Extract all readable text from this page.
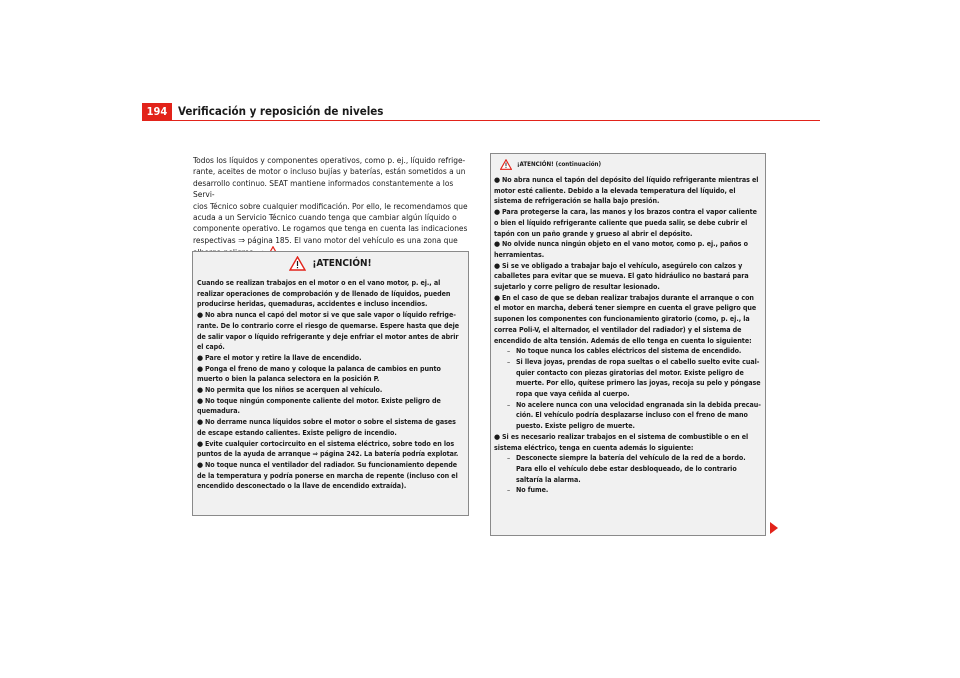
194 Verificación y reposición de niveles

Todos los líquidos y componentes operativos, como p. ej., líquido refrige-
rante, aceites de motor o incluso bujías y baterías, están sometidos a un
desarrollo continuo. SEAT mantiene informados constantemente a los Servi-
cios Técnico sobre cualquier modificación. Por ello, le recomendamos que
acuda a un Servicio Técnico cuando tenga que cambiar algún líquido o
componente operativo. Le rogamos que tenga en cuenta las indicaciones
respectivas ⇒ página 185. El vano motor del vehículo es una zona que

¡ATENCIÓN!

Cuando se realizan trabajos en el motor o en el vano motor, p. ej., al realizar operaciones de comprobación y de llenado de líquidos, pueden producirse heridas, quemaduras, accidentes e incluso incendios.

● No abra nunca el capó del motor si ve que sale vapor o líquido refrige-rante. De lo contrario corre el riesgo de quemarse. Espere hasta que deje de salir vapor o líquido refrigerante y deje enfriar el motor antes de abrir el capó.

● Pare el motor y retire la llave de encendido.

● Ponga el freno de mano y coloque la palanca de cambios en punto muerto o bien la palanca selectora en la posición P.

● No permita que los niños se acerquen al vehículo.

● No toque ningún componente caliente del motor. Existe peligro de quemadura.

● No derrame nunca líquidos sobre el motor o sobre el sistema de gases de escape estando calientes. Existe peligro de incendio.

● Evite cualquier cortocircuito en el sistema eléctrico, sobre todo en los puntos de la ayuda de arranque ⇒ página 242. La batería podría explotar.

● No toque nunca el ventilador del radiador. Su funcionamiento depende de la temperatura y podría ponerse en marcha de repente (incluso con el encendido desconectado o la llave de encendido extraída).

¡ATENCIÓN! (continuación)

● No abra nunca el tapón del depósito del líquido refrigerante mientras el motor esté caliente. Debido a la elevada temperatura del líquido, el sistema de refrigeración se halla bajo presión.

● Para protegerse la cara, las manos y los brazos contra el vapor caliente o bien el líquido refrigerante caliente que pueda salir, se debe cubrir el tapón con un paño grande y grueso al abrir el depósito.

● No olvide nunca ningún objeto en el vano motor, como p. ej., paños o herramientas.

● Si se ve obligado a trabajar bajo el vehículo, asegúrelo con calzos y caballetes para evitar que se mueva. El gato hidráulico no bastará para sujetarlo y corre peligro de resultar lesionado.

● En el caso de que se deban realizar trabajos durante el arranque o con el motor en marcha, deberá tener siempre en cuenta el grave peligro que suponen los componentes con funcionamiento giratorio (como, p. ej., la correa Poli-V, el alternador, el ventilador del radiador) y el sistema de encendido de alta tensión. Además de ello tenga en cuenta lo siguiente:

– No toque nunca los cables eléctricos del sistema de encendido.

– Si lleva joyas, prendas de ropa sueltas o el cabello suelto evite cual-quier contacto con piezas giratorias del motor. Existe peligro de muerte. Por ello, quítese primero las joyas, recoja su pelo y póngase ropa que vaya ceñida al cuerpo.

– No acelere nunca con una velocidad engranada sin la debida precau-ción. El vehículo podría desplazarse incluso con el freno de mano puesto. Existe peligro de muerte.

● Si es necesario realizar trabajos en el sistema de combustible o en el sistema eléctrico, tenga en cuenta además lo siguiente:

– Desconecte siempre la batería del vehículo de la red de a bordo. Para ello el vehículo debe estar desbloqueado, de lo contrario saltaría la alarma.

– No fume.
